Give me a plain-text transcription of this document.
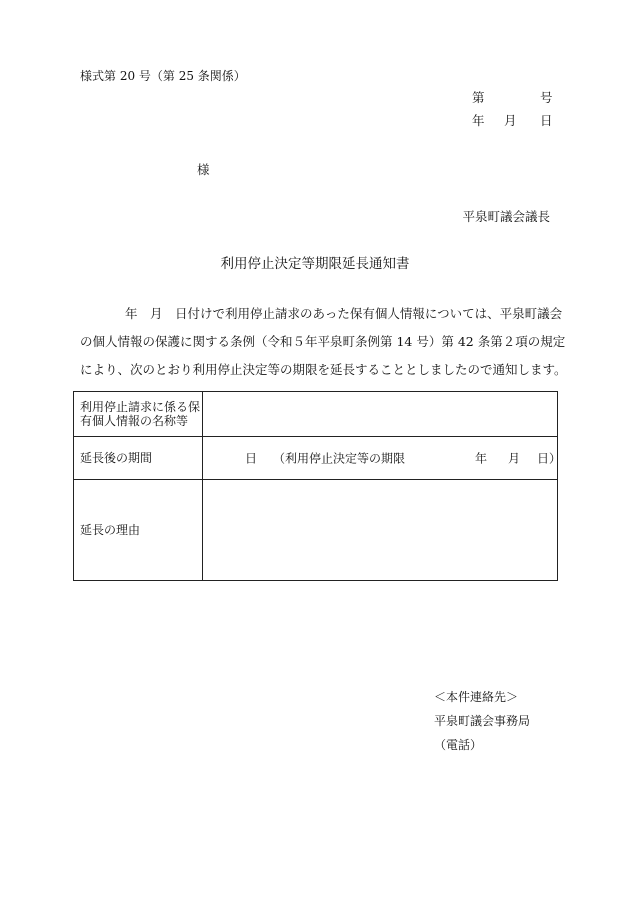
様式第 20 号（第 25 条関係）
第	号
年 月 日
様
平泉町議会議長
利用停止決定等期限延長通知書
年　月　日付けで利用停止請求のあった保有個人情報については、平泉町議会
の個人情報の保護に関する条例（令和５年平泉町条例第 14 号）第 42 条第２項の規定
により、次のとおり利用停止決定等の期限を延長することとしましたので通知します。
利用停止請求に係る保有個人情報の名称等	
延長後の期間	日 （利用停止決定等の期限 年 月 日）

延長の理由	
＜本件連絡先＞
平泉町議会事務局
（電話）
